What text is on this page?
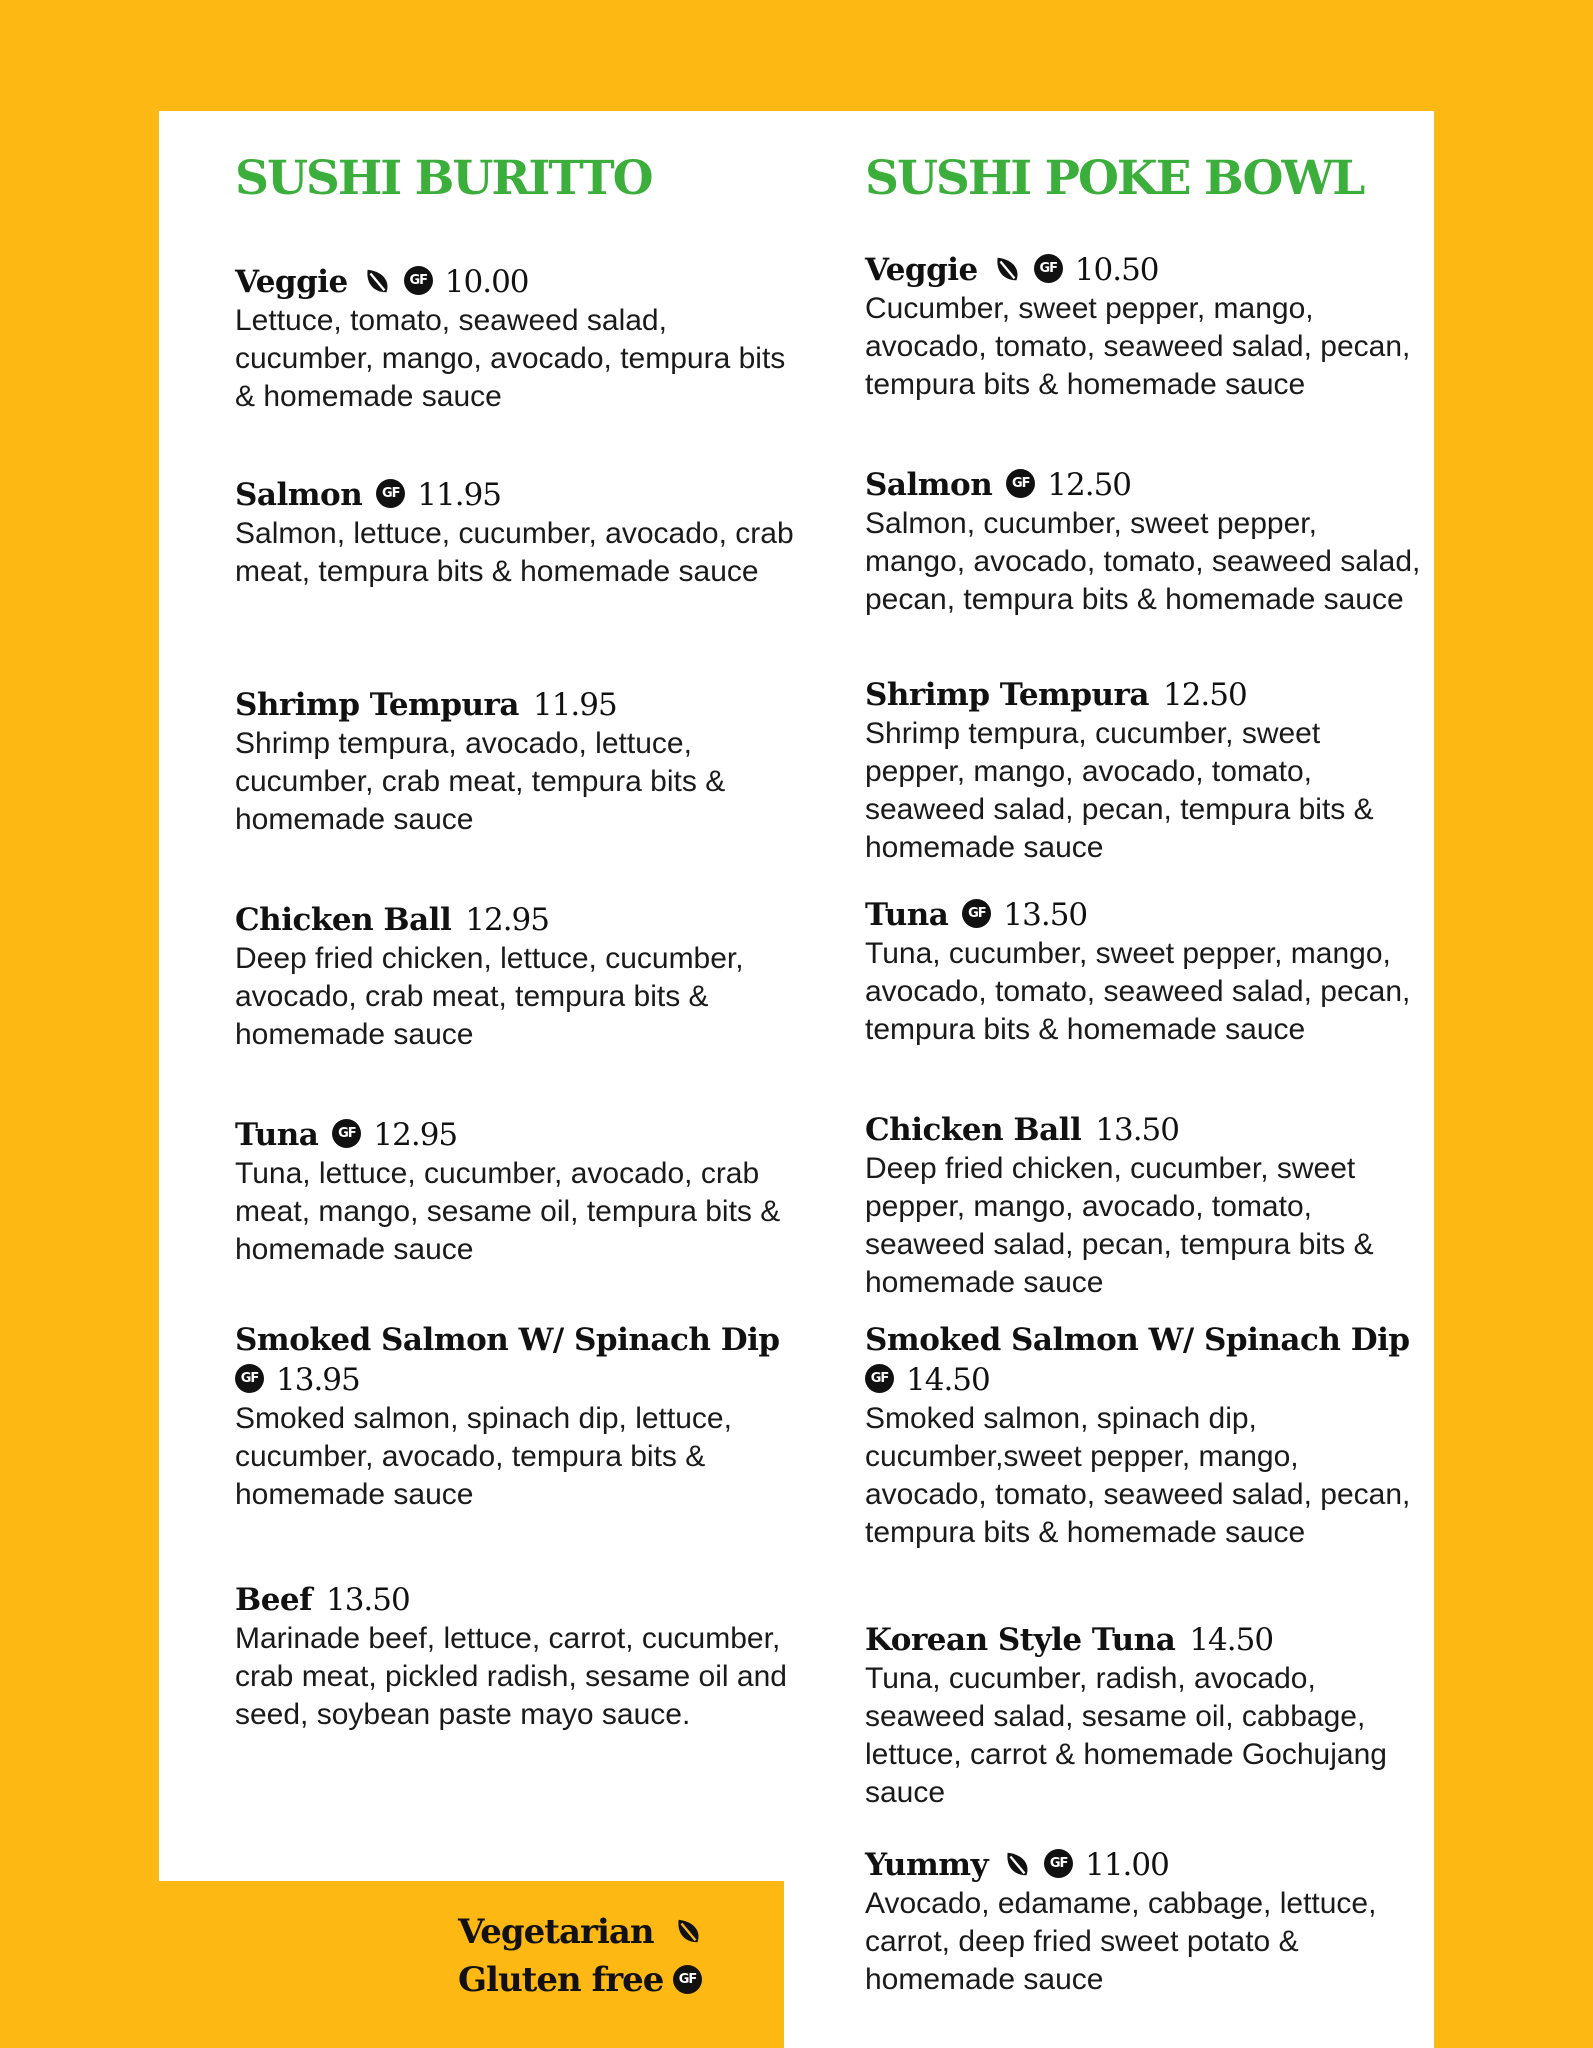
SUSHI BURITTO
Veggie	GF 10.00
Lettuce, tomato, seaweed salad, cucumber, mango, avocado, tempura bits & homemade sauce
Salmon GF 11.95
Salmon, lettuce, cucumber, avocado, crab meat, tempura bits & homemade sauce
Shrimp Tempura 11.95
Shrimp tempura, avocado, lettuce, cucumber, crab meat, tempura bits & homemade sauce
Chicken Ball 12.95
Deep fried chicken, lettuce, cucumber, avocado, crab meat, tempura bits & homemade sauce
Tuna GF 12.95
Tuna, lettuce, cucumber, avocado, crab meat, mango, sesame oil, tempura bits & homemade sauce
Smoked Salmon W/ Spinach DipGF 13.95
Smoked salmon, spinach dip, lettuce, cucumber, avocado, tempura bits & homemade sauce
Beef 13.50
Marinade beef, lettuce, carrot, cucumber, crab meat, pickled radish, sesame oil and seed, soybean paste mayo sauce.
SUSHI POKE BOWL
Veggie	GF 10.50
Cucumber, sweet pepper, mango, avocado, tomato, seaweed salad, pecan, tempura bits & homemade sauce
Salmon GF 12.50
Salmon, cucumber, sweet pepper, mango, avocado, tomato, seaweed salad, pecan, tempura bits & homemade sauce
Shrimp Tempura 12.50
Shrimp tempura, cucumber, sweet pepper, mango, avocado, tomato, seaweed salad, pecan, tempura bits & homemade sauce
Tuna GF 13.50
Tuna, cucumber, sweet pepper, mango, avocado, tomato, seaweed salad, pecan, tempura bits & homemade sauce
Chicken Ball 13.50
Deep fried chicken, cucumber, sweet pepper, mango, avocado, tomato, seaweed salad, pecan, tempura bits & homemade sauce
Smoked Salmon W/ Spinach DipGF 14.50
Smoked salmon, spinach dip, cucumber,sweet pepper, mango, avocado, tomato, seaweed salad, pecan, tempura bits & homemade sauce
Korean Style Tuna 14.50
Tuna, cucumber, radish, avocado, seaweed salad, sesame oil, cabbage, lettuce, carrot & homemade Gochujang sauce
Yummy	GF 11.00
Avocado, edamame, cabbage, lettuce, carrot, deep fried sweet potato & homemade sauce
Vegetarian
Gluten free GF
